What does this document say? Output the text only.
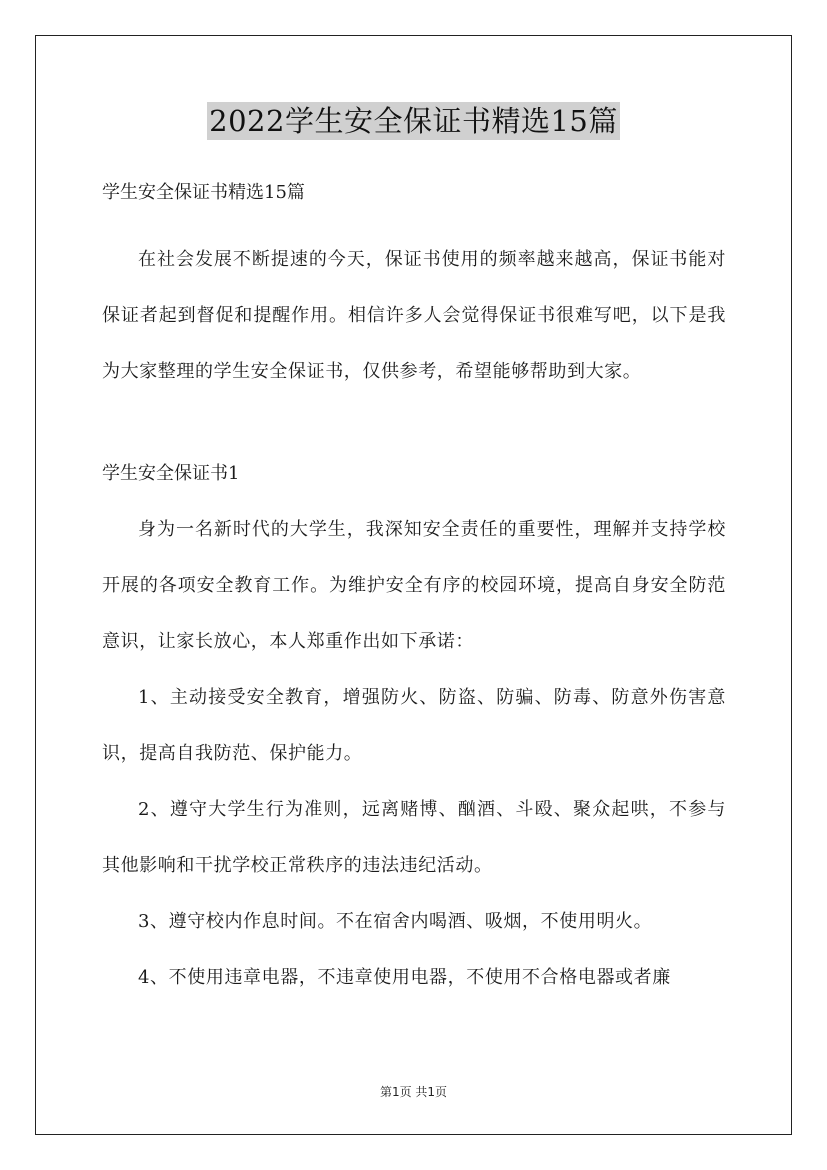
2022学生安全保证书精选15篇

学生安全保证书精选15篇

在社会发展不断提速的今天，保证书使用的频率越来越高，保证书能对保证者起到督促和提醒作用。相信许多人会觉得保证书很难写吧，以下是我为大家整理的学生安全保证书，仅供参考，希望能够帮助到大家。

学生安全保证书1

身为一名新时代的大学生，我深知安全责任的重要性，理解并支持学校开展的各项安全教育工作。为维护安全有序的校园环境，提高自身安全防范意识，让家长放心，本人郑重作出如下承诺：

1、主动接受安全教育，增强防火、防盗、防骗、防毒、防意外伤害意识，提高自我防范、保护能力。

2、遵守大学生行为准则，远离赌博、酗酒、斗殴、聚众起哄，不参与其他影响和干扰学校正常秩序的违法违纪活动。

3、遵守校内作息时间。不在宿舍内喝酒、吸烟，不使用明火。

4、不使用违章电器，不违章使用电器，不使用不合格电器或者廉

第1页 共1页
